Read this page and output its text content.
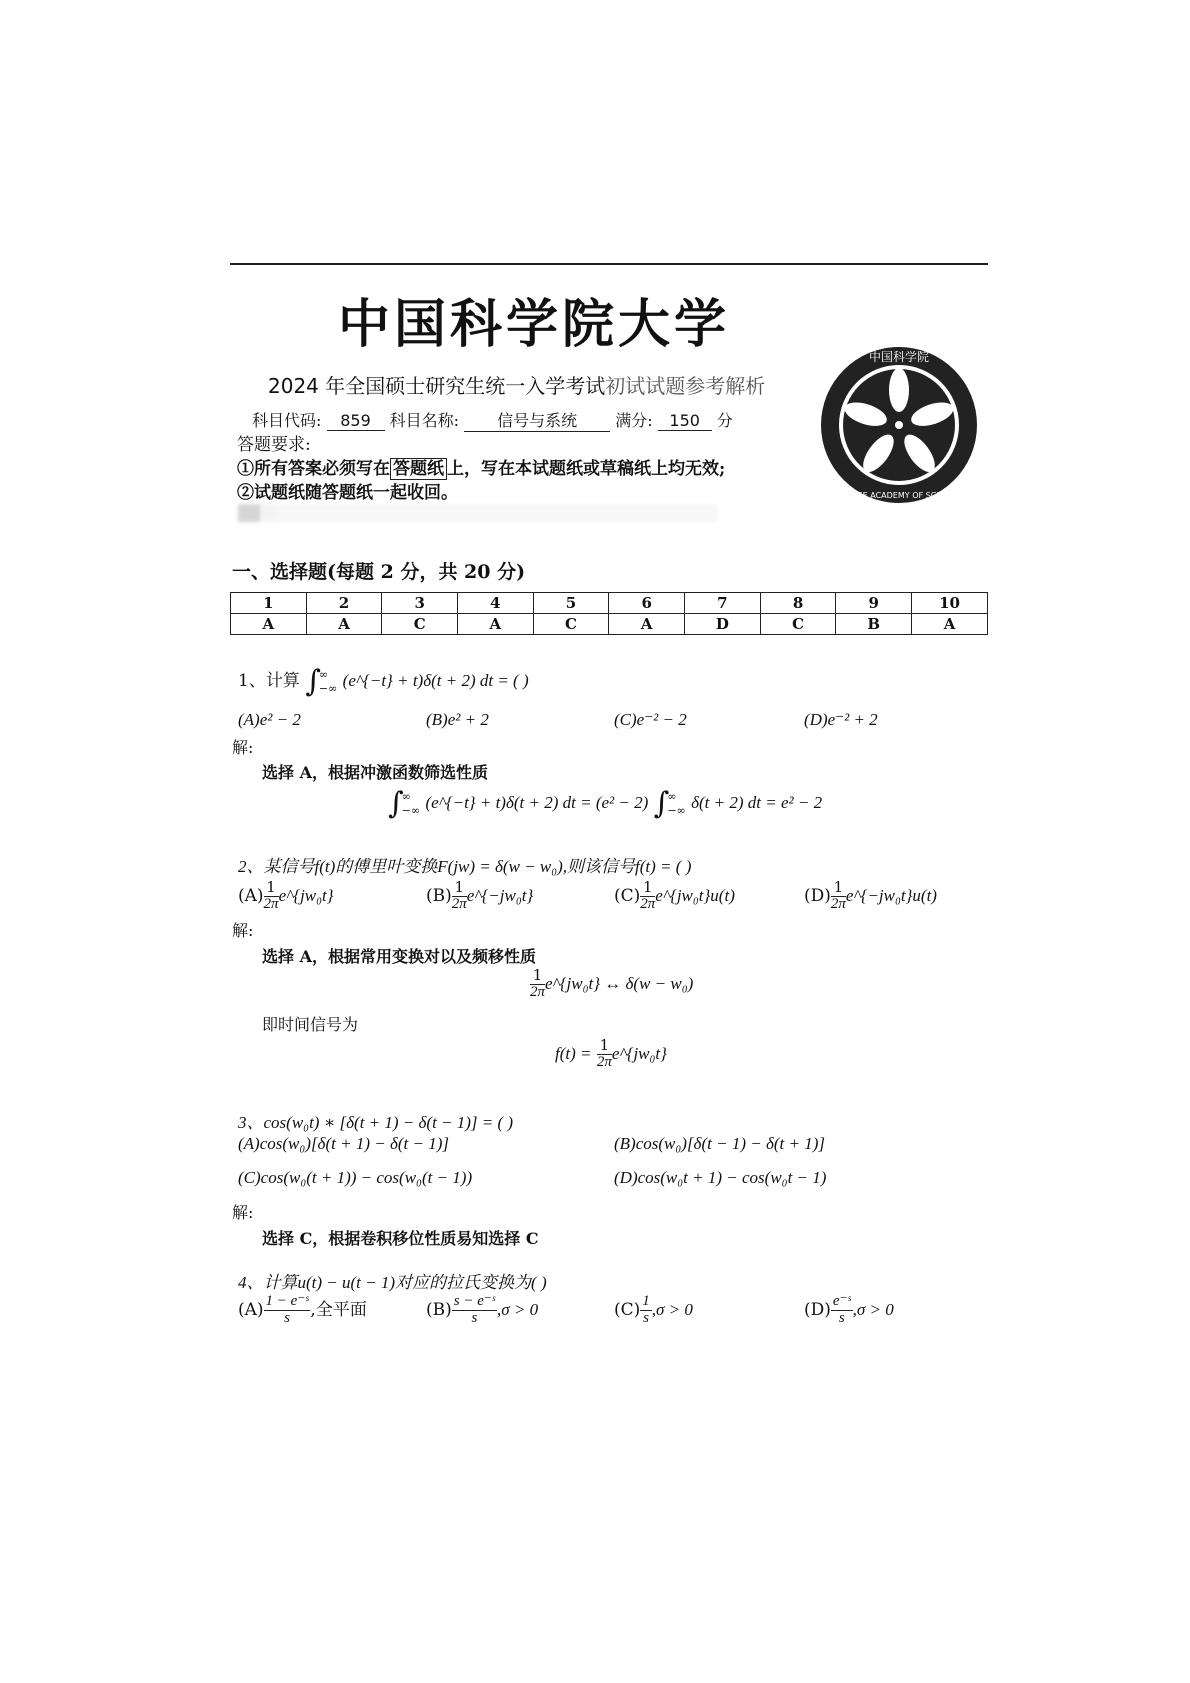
中国科学院大学
2024 年全国硕士研究生统一入学考试初试试题参考解析
中国科学院
CHINESE ACADEMY OF SCIENCES
科目代码: 859 科目名称: 信号与系统 满分: 150 分
答题要求:
①所有答案必须写在 答题纸 上，写在本试题纸或草稿纸上均无效;
②试题纸随答题纸一起收回。
一、选择题(每题 2 分，共 20 分)
1	2	3	4	5	6	7	8	9	10
A	A	C	A	C	A	D	C	B	A
1、计算 ∫
∞
−∞ (e^{−t} + t)δ(t + 2) dt = ( )
(A)e² − 2	(B)e² + 2	(C)e⁻² − 2	(D)e⁻² + 2
解:
选择 A，根据冲激函数筛选性质
∫
∞
−∞ (e^{−t} + t)δ(t + 2) dt = (e² − 2) ∫
∞
−∞ δ(t + 2) dt = e² − 2
2、某信号f(t)的傅里叶变换F(jw) = δ(w − w₀),则该信号f(t) = ( )
$(A) \frac{1}{2\pi}$ e^{jw₀t}	$(B) \frac{1}{2\pi}$ e^{−jw₀t}	$(C) \frac{1}{2\pi}$ e^{jw₀t}u(t)	$(D) \frac{1}{2\pi}$ e^{−jw₀t}u(t)
解:
选择 A，根据常用变换对以及频移性质
$\frac{1}{2\pi}$ e^{jw₀t} ↔ δ(w − w₀)
即时间信号为
$f(t) = \frac{1}{2\pi}$ e^{jw₀t}
3、cos(w₀t) ∗ [δ(t + 1) − δ(t − 1)] = ( )
(A)cos(w₀)[δ(t + 1) − δ(t − 1)]	(B)cos(w₀)[δ(t − 1) − δ(t + 1)]
(C)cos(w₀(t + 1)) − cos(w₀(t − 1))	(D)cos(w₀t + 1) − cos(w₀t − 1)
解:
选择 C，根据卷积移位性质易知选择 C
4、计算u(t) − u(t − 1)对应的拉氏变换为( )
$(A) \frac{\text{1 − e⁻ˢ}}{s}$ ,全平面	$(B) \frac{\text{s − e⁻ˢ}}{s} ,\sigma > 0$	$(C) \frac{1}{s} ,\sigma > 0$	$(D) \frac{\text{e⁻ˢ}}{s} ,\sigma > 0$
